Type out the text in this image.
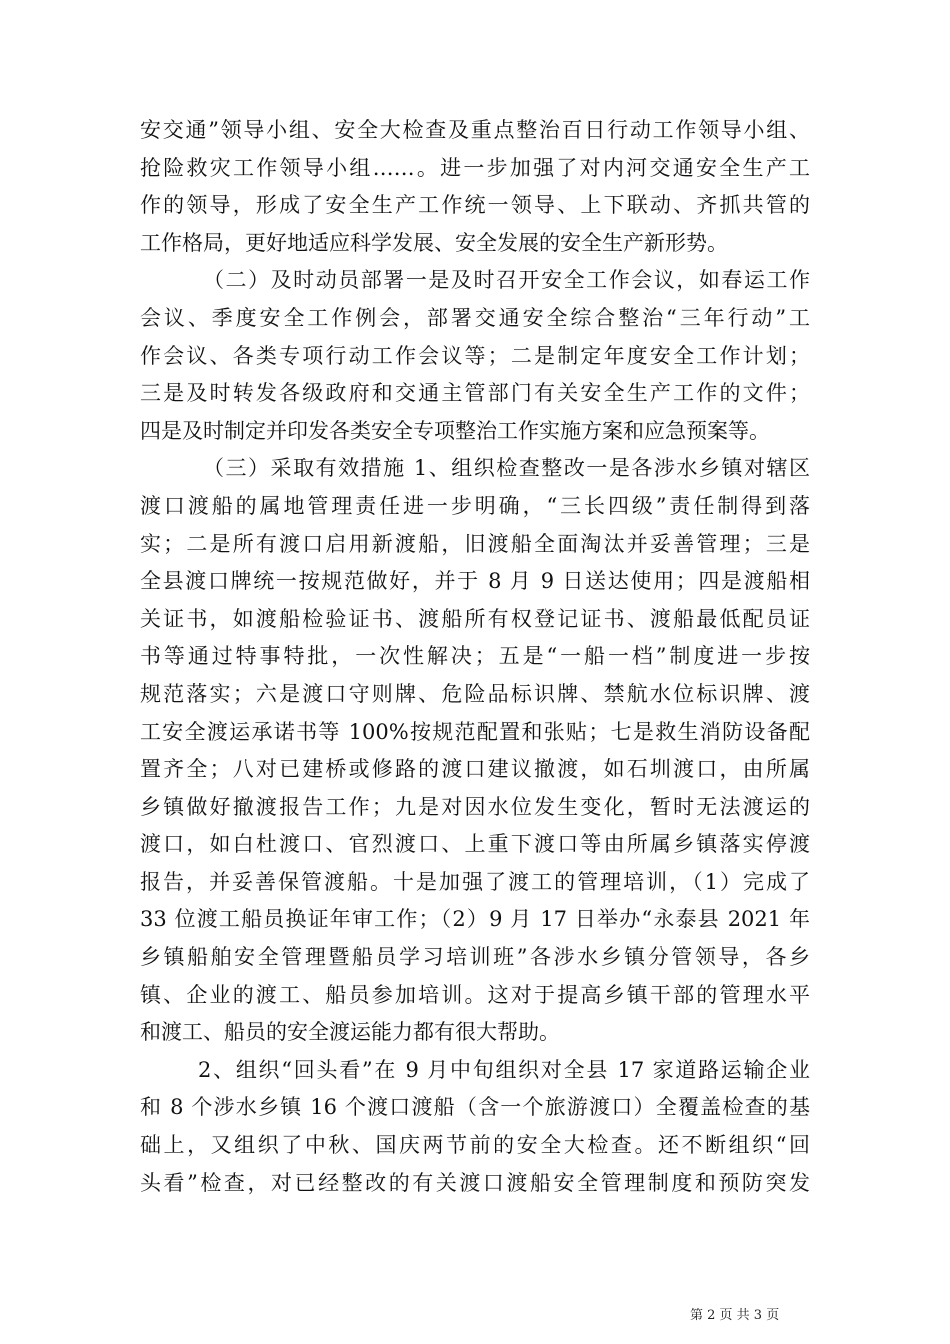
安交通”领导小组、安全大检查及重点整治百日行动工作领导小组、
抢险救灾工作领导小组……。进一步加强了对内河交通安全生产工
作的领导，形成了安全生产工作统一领导、上下联动、齐抓共管的
工作格局，更好地适应科学发展、安全发展的安全生产新形势。
（二）及时动员部署一是及时召开安全工作会议，如春运工作
会议、季度安全工作例会，部署交通安全综合整治“三年行动”工
作会议、各类专项行动工作会议等；二是制定年度安全工作计划；
三是及时转发各级政府和交通主管部门有关安全生产工作的文件；
四是及时制定并印发各类安全专项整治工作实施方案和应急预案等。
（三）采取有效措施 1、组织检查整改一是各涉水乡镇对辖区
渡口渡船的属地管理责任进一步明确，“三长四级”责任制得到落
实；二是所有渡口启用新渡船，旧渡船全面淘汰并妥善管理；三是
全县渡口牌统一按规范做好，并于 8 月 9 日送达使用；四是渡船相
关证书，如渡船检验证书、渡船所有权登记证书、渡船最低配员证
书等通过特事特批，一次性解决；五是“一船一档”制度进一步按
规范落实；六是渡口守则牌、危险品标识牌、禁航水位标识牌、渡
工安全渡运承诺书等 100%按规范配置和张贴；七是救生消防设备配
置齐全；八对已建桥或修路的渡口建议撤渡，如石圳渡口，由所属
乡镇做好撤渡报告工作；九是对因水位发生变化，暂时无法渡运的
渡口，如白杜渡口、官烈渡口、上重下渡口等由所属乡镇落实停渡
报告，并妥善保管渡船。十是加强了渡工的管理培训，（1）完成了
33 位渡工船员换证年审工作；（2）9 月 17 日举办“永泰县 2021 年
乡镇船舶安全管理暨船员学习培训班”各涉水乡镇分管领导，各乡
镇、企业的渡工、船员参加培训。这对于提高乡镇干部的管理水平
和渡工、船员的安全渡运能力都有很大帮助。
2、组织“回头看”在 9 月中旬组织对全县 17 家道路运输企业
和 8 个涉水乡镇 16 个渡口渡船（含一个旅游渡口）全覆盖检查的基
础上，又组织了中秋、国庆两节前的安全大检查。还不断组织“回
头看”检查，对已经整改的有关渡口渡船安全管理制度和预防突发
第 2 页 共 3 页
